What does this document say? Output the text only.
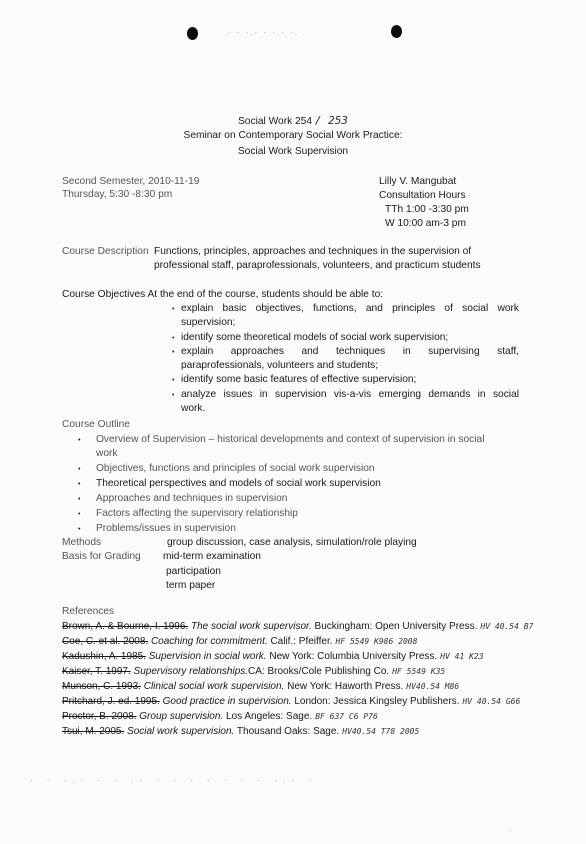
· · ·.· · ·.· ·.
Social Work 254 / 253
Seminar on Contemporary Social Work Practice:
Social Work Supervision
Second Semester, 2010-11-19
Thursday, 5:30 -8:30 pm
Lilly V. Mangubat
Consultation Hours
TTh 1:00 -3:30 pm
W 10:00 am-3 pm
Course Description Functions, principles, approaches and techniques in the supervision of
professional staff, paraprofessionals, volunteers, and practicum students
Course Objectives At the end of the course, students should be able to:
• explain basic objectives, functions, and principles of social work
supervision;
• identify some theoretical models of social work supervision;
• explain approaches and techniques in supervising staff,
paraprofessionals, volunteers and students;
• identify some basic features of effective supervision;
• analyze issues in supervision vis-a-vis emerging demands in social
work.
Course Outline
• Overview of Supervision – historical developments and context of supervision in social
work
• Objectives, functions and principles of social work supervision
• Theoretical perspectives and models of social work supervision
• Approaches and techniques in supervision
• Factors affecting the supervisory relationship
• Problems/issues in supervision
Methods	group discussion, case analysis, simulation/role playing
Basis for Grading mid-term examination
participation
term paper
References
Brown, A. & Bourne, I. 1996. The social work supervisor. Buckingham: Open University Press. HV 40.54 B7
Coe, C. et al. 2008. Coaching for commitment. Calif.: Pfeiffer. HF 5549 K986 2008
Kadushin, A. 1985. Supervision in social work. New York: Columbia University Press. HV 41 K23
Kaiser, T. 1997. Supervisory relationships.CA: Brooks/Cole Publishing Co. HF 5549 K35
Munson, C. 1993. Clinical social work supervision. New York: Haworth Press. HV40.54 M86
Pritchard, J. ed. 1995. Good practice in supervision. London: Jessica Kingsley Publishers. HV 40.54 G66
Proctor, B. 2008. Group supervision. Los Angeles: Sage. BF 637 C6 P76
Tsui, M. 2005. Social work supervision. Thousand Oaks: Sage. HV40.54 T78 2005
· · ·.· · · .· · · ·.· · · · ·.· ·
·
